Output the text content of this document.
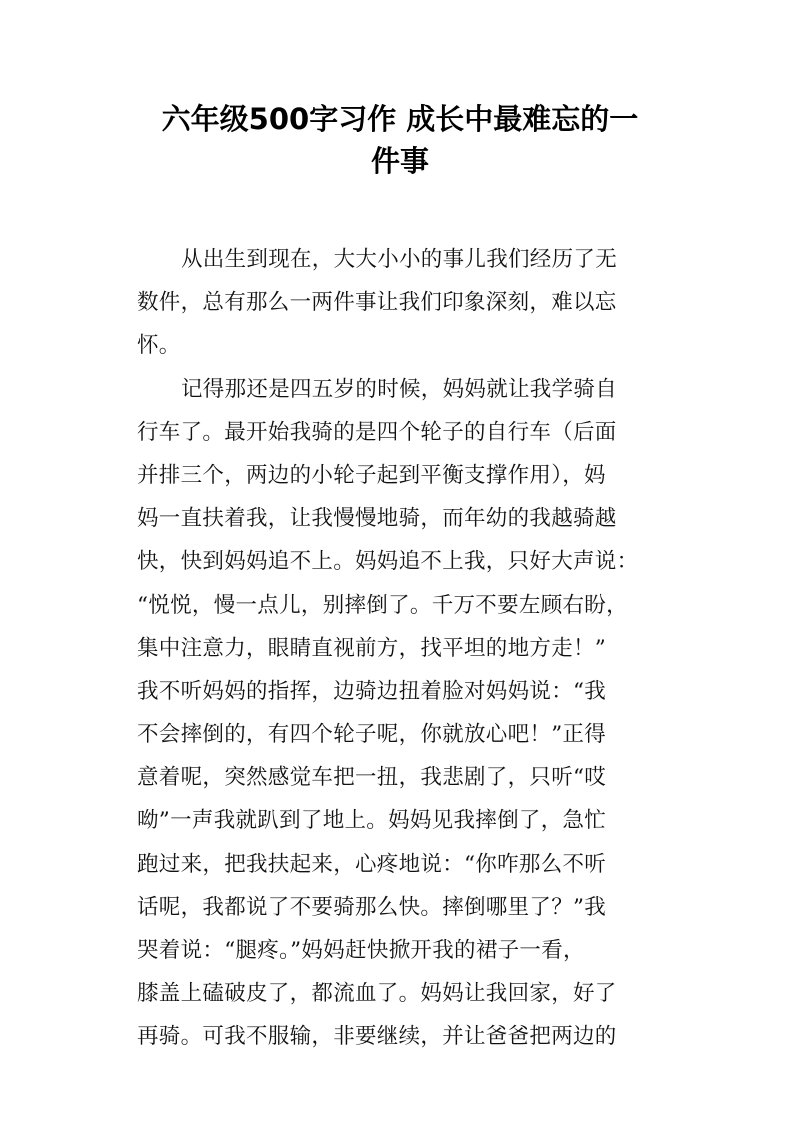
六年级500字习作 成长中最难忘的一
件事
从出生到现在，大大小小的事儿我们经历了无
数件，总有那么一两件事让我们印象深刻，难以忘
怀。
记得那还是四五岁的时候，妈妈就让我学骑自
行车了。最开始我骑的是四个轮子的自行车（后面
并排三个，两边的小轮子起到平衡支撑作用），妈
妈一直扶着我，让我慢慢地骑，而年幼的我越骑越
快，快到妈妈追不上。妈妈追不上我，只好大声说：
“悦悦，慢一点儿，别摔倒了。千万不要左顾右盼，
集中注意力，眼睛直视前方，找平坦的地方走！”
我不听妈妈的指挥，边骑边扭着脸对妈妈说：“我
不会摔倒的，有四个轮子呢，你就放心吧！”正得
意着呢，突然感觉车把一扭，我悲剧了，只听“哎
呦”一声我就趴到了地上。妈妈见我摔倒了，急忙
跑过来，把我扶起来，心疼地说：“你咋那么不听
话呢，我都说了不要骑那么快。摔倒哪里了？”我
哭着说：“腿疼。”妈妈赶快掀开我的裙子一看，
膝盖上磕破皮了，都流血了。妈妈让我回家，好了
再骑。可我不服输，非要继续，并让爸爸把两边的
